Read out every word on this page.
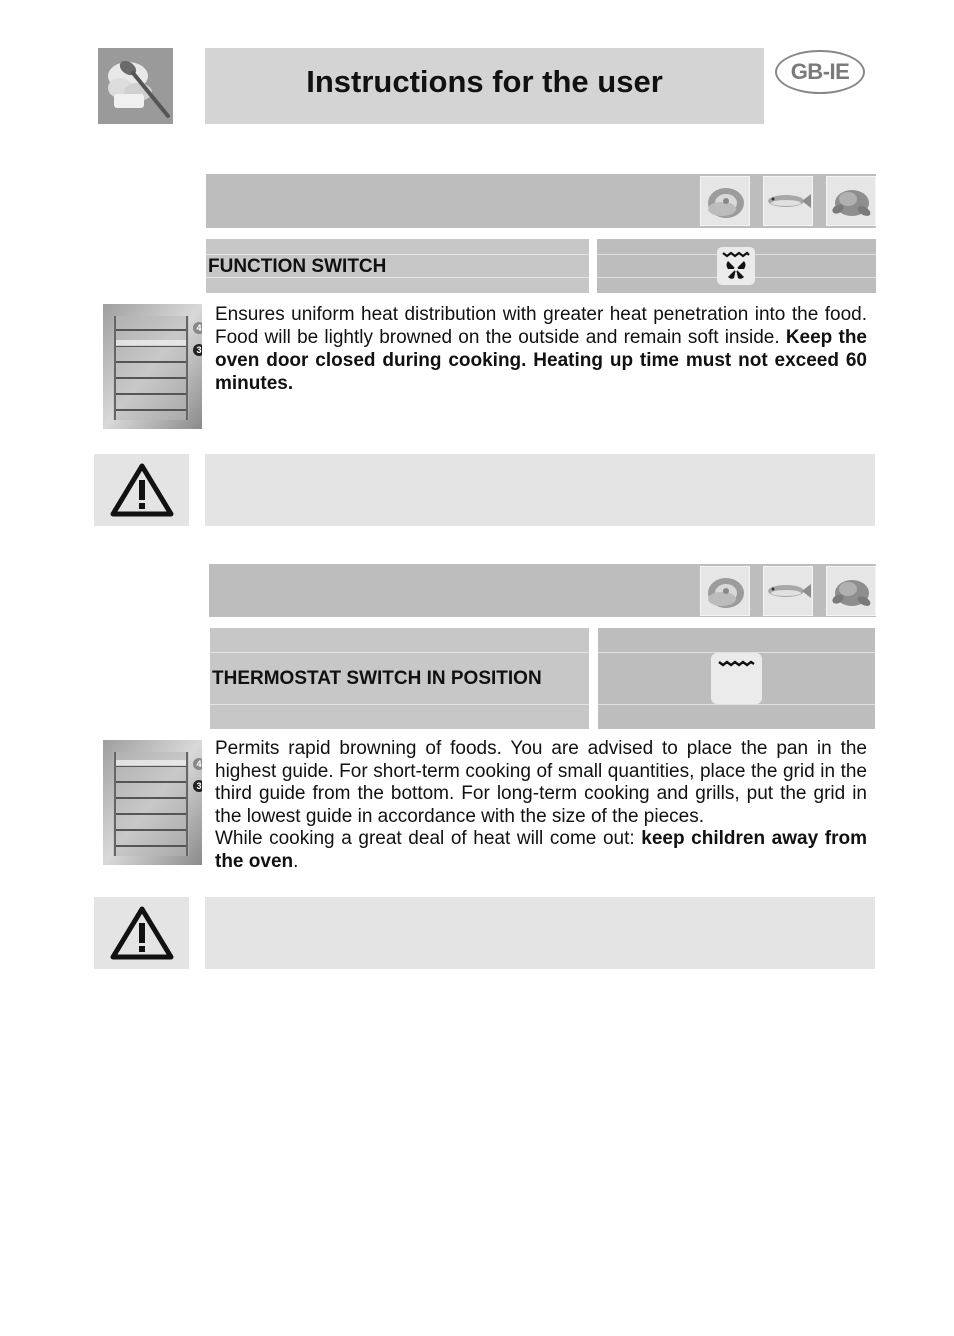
Instructions for the user	GB-IE
FUNCTION SWITCH
4
3
Ensures uniform heat distribution with greater heat penetration into the food. Food will be lightly browned on the outside and remain soft inside. Keep the oven door closed during cooking. Heating up time must not exceed 60 minutes.
THERMOSTAT SWITCH IN POSITION
4
3
Permits rapid browning of foods. You are advised to place the pan in the highest guide. For short-term cooking of small quantities, place the grid in the third guide from the bottom. For long-term cooking and grills, put the grid in the lowest guide in accordance with the size of the pieces.
While cooking a great deal of heat will come out: keep children away from the oven.
